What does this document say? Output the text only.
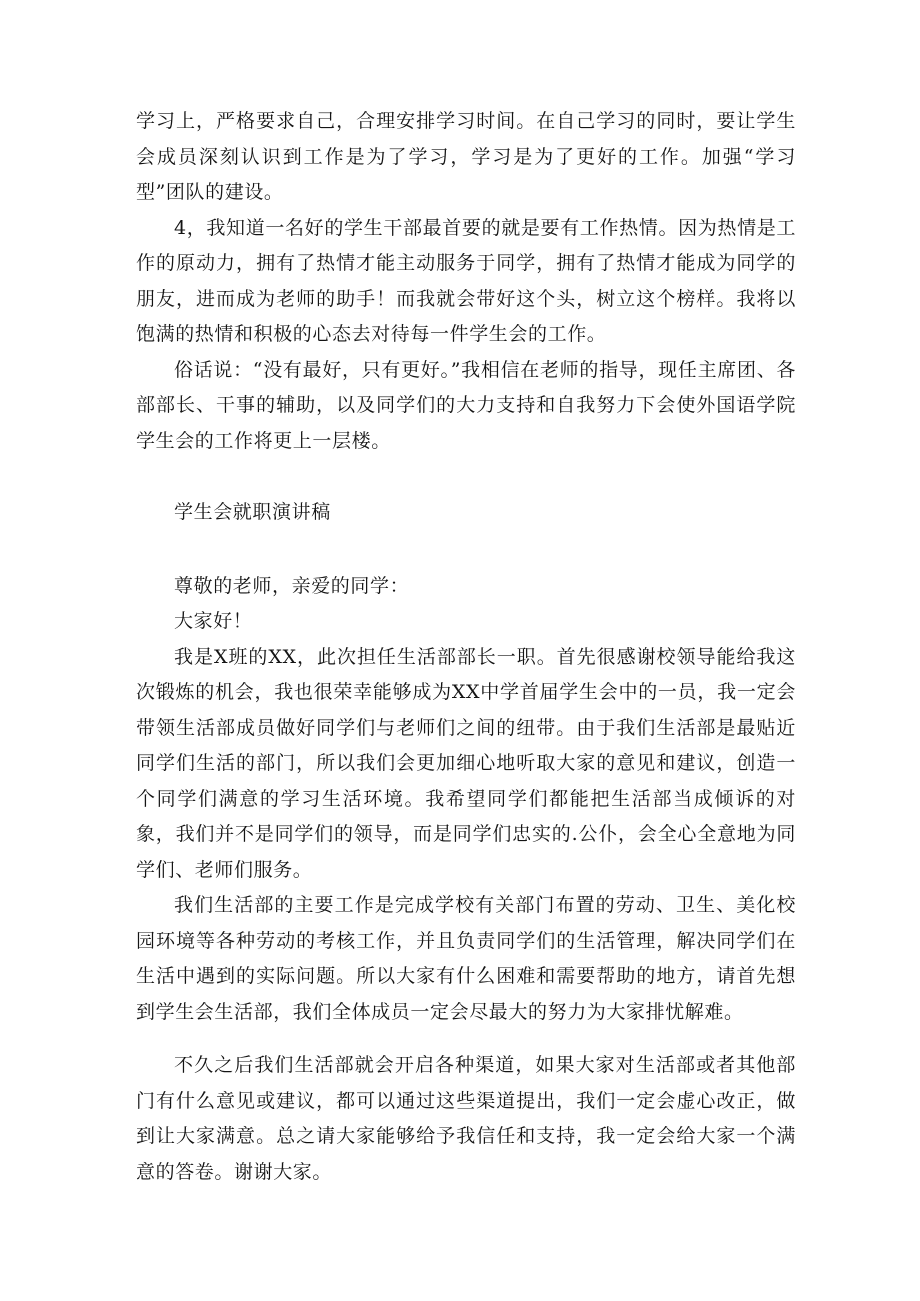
学习上，严格要求自己，合理安排学习时间。在自己学习的同时，要让学生会成员深刻认识到工作是为了学习，学习是为了更好的工作。加强“学习型”团队的建设。

4，我知道一名好的学生干部最首要的就是要有工作热情。因为热情是工作的原动力，拥有了热情才能主动服务于同学，拥有了热情才能成为同学的朋友，进而成为老师的助手！而我就会带好这个头，树立这个榜样。我将以饱满的热情和积极的心态去对待每一件学生会的工作。

俗话说：“没有最好，只有更好。”我相信在老师的指导，现任主席团、各部部长、干事的辅助，以及同学们的大力支持和自我努力下会使外国语学院学生会的工作将更上一层楼。

学生会就职演讲稿

尊敬的老师，亲爱的同学：

大家好！

我是X班的XX，此次担任生活部部长一职。首先很感谢校领导能给我这次锻炼的机会，我也很荣幸能够成为XX中学首届学生会中的一员，我一定会带领生活部成员做好同学们与老师们之间的纽带。由于我们生活部是最贴近同学们生活的部门，所以我们会更加细心地听取大家的意见和建议，创造一个同学们满意的学习生活环境。我希望同学们都能把生活部当成倾诉的对象，我们并不是同学们的领导，而是同学们忠实的.公仆，会全心全意地为同学们、老师们服务。

我们生活部的主要工作是完成学校有关部门布置的劳动、卫生、美化校园环境等各种劳动的考核工作，并且负责同学们的生活管理，解决同学们在生活中遇到的实际问题。所以大家有什么困难和需要帮助的地方，请首先想到学生会生活部，我们全体成员一定会尽最大的努力为大家排忧解难。

不久之后我们生活部就会开启各种渠道，如果大家对生活部或者其他部门有什么意见或建议，都可以通过这些渠道提出，我们一定会虚心改正，做到让大家满意。总之请大家能够给予我信任和支持，我一定会给大家一个满意的答卷。谢谢大家。
